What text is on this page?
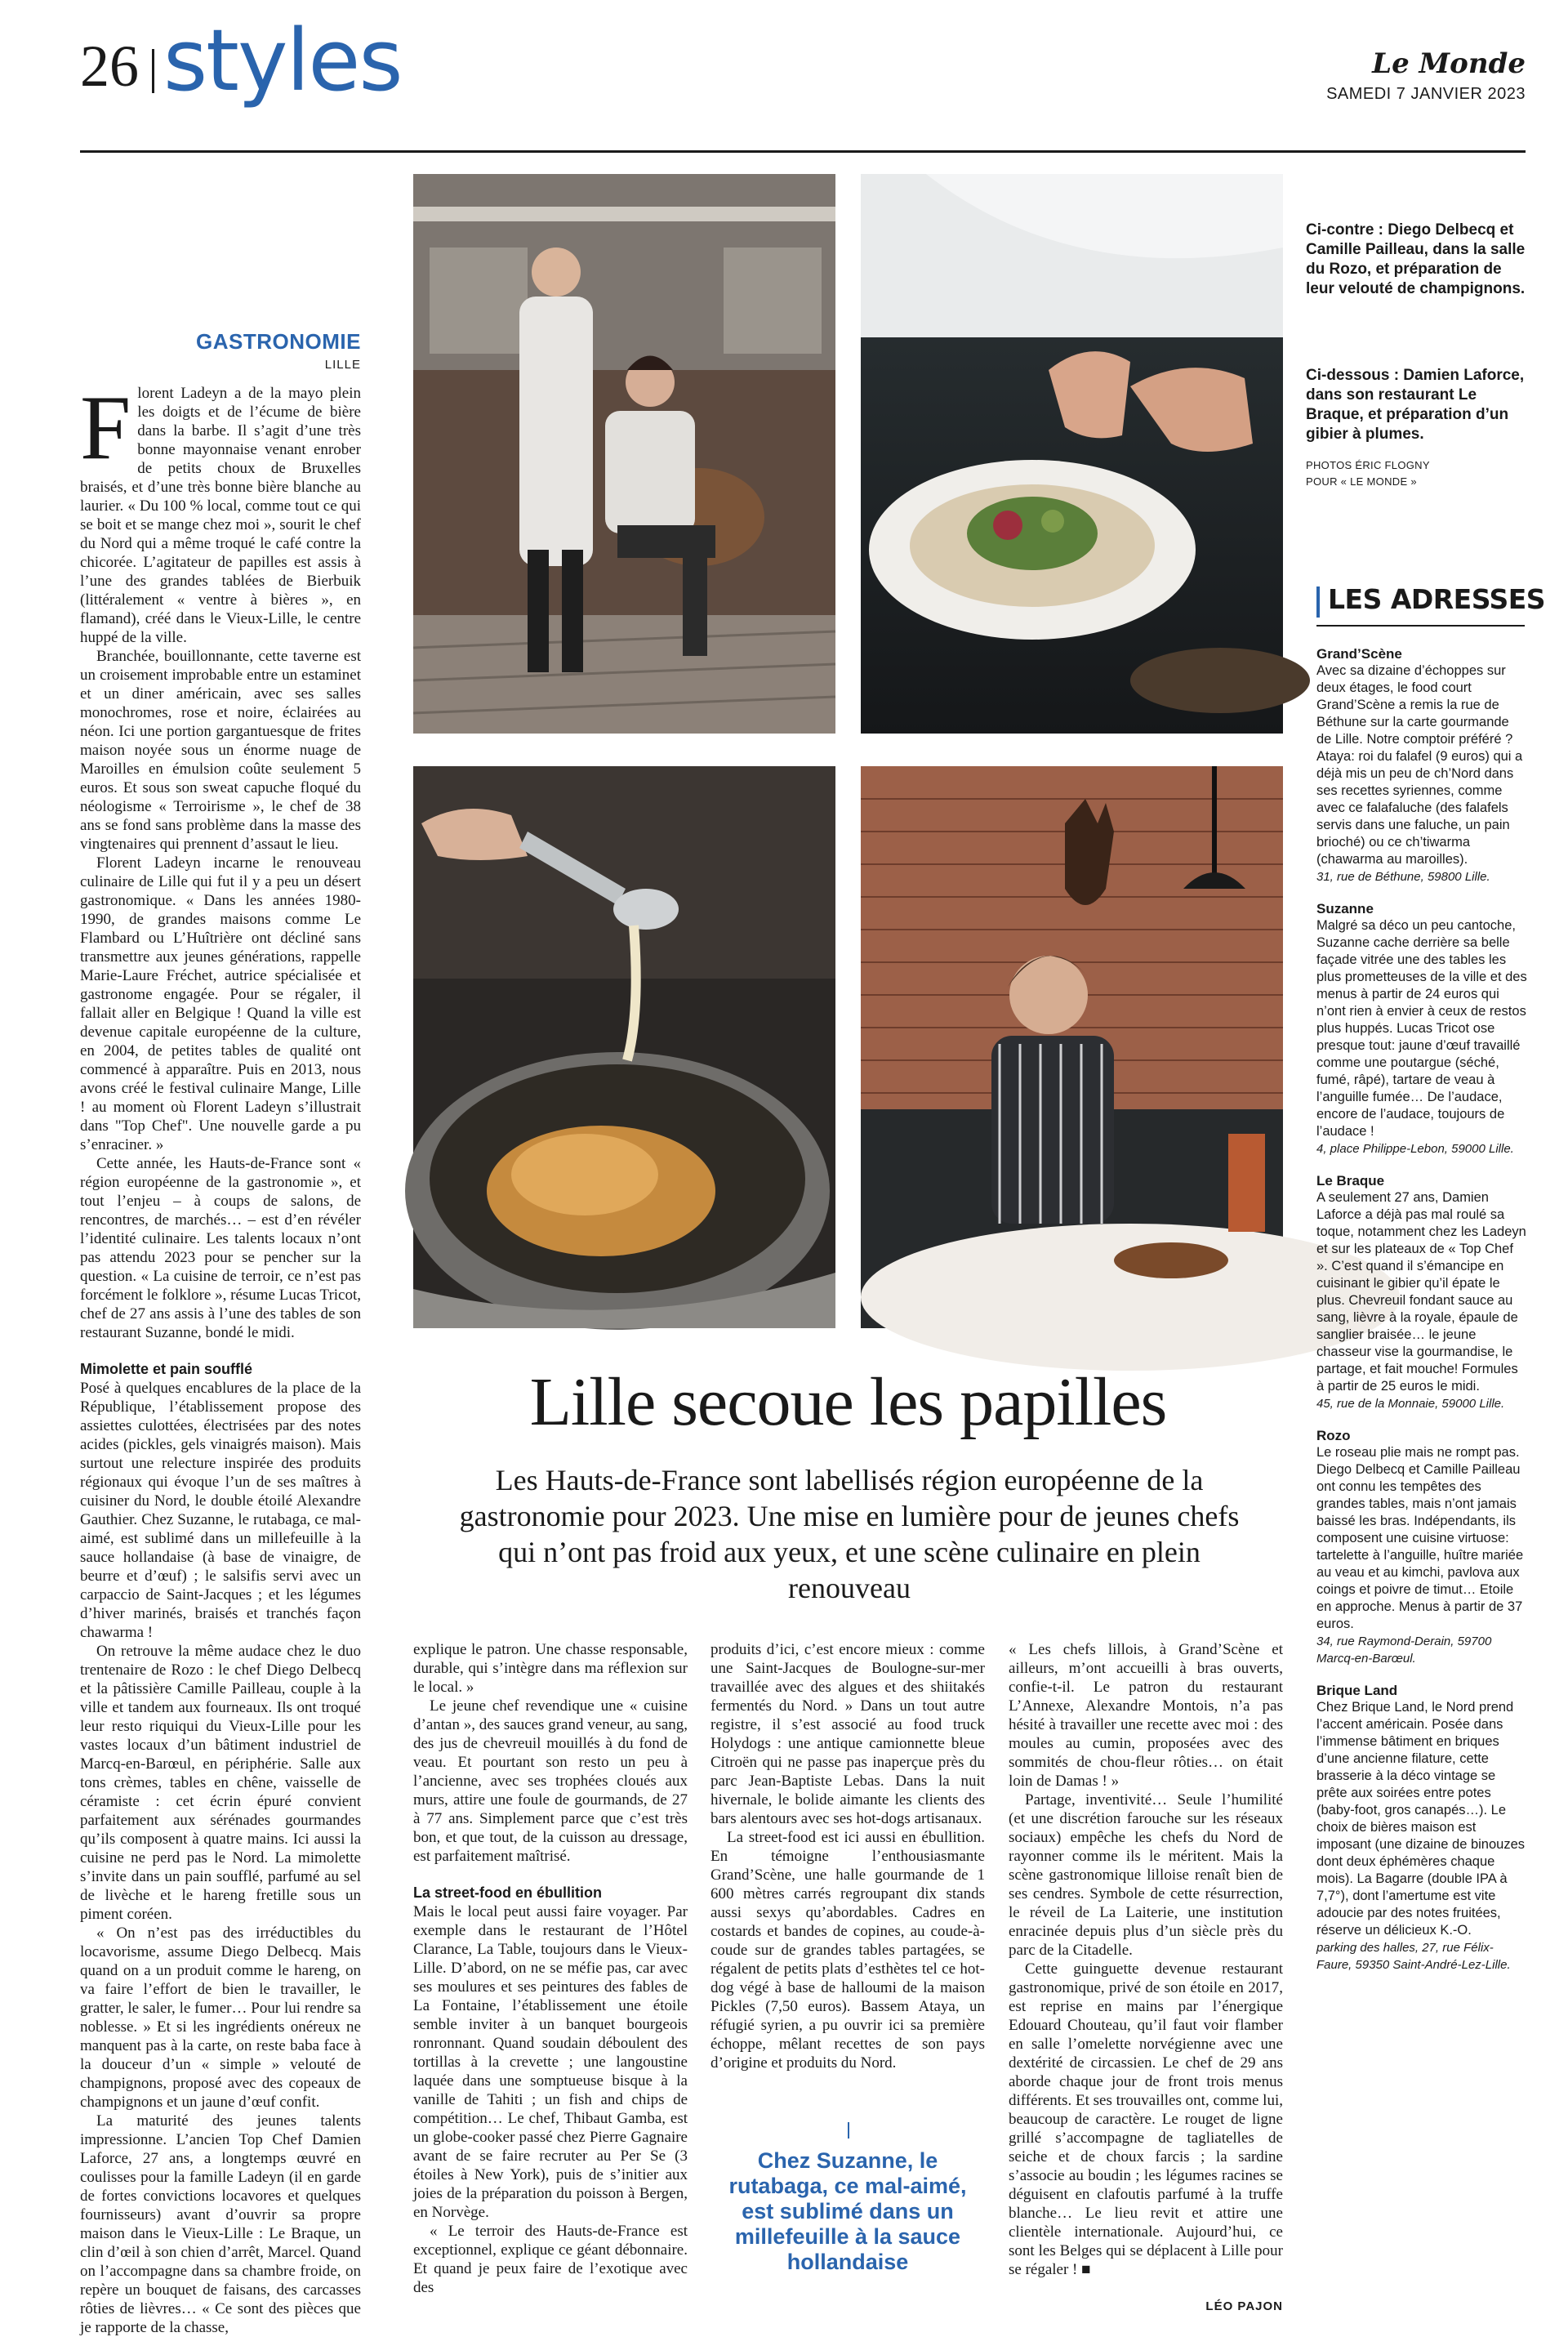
26 styles	Le Monde
SAMEDI 7 JANVIER 2023
GASTRONOMIE
LILLE

Florent Ladeyn a de la mayo plein les doigts et de l’écume de bière dans la barbe. Il s’agit d’une très bonne mayonnaise venant enrober de petits choux de Bruxelles braisés, et d’une très bonne bière blanche au laurier. « Du 100 % local, comme tout ce qui se boit et se mange chez moi », sourit le chef du Nord qui a même troqué le café contre la chicorée. L’agitateur de papilles est assis à l’une des grandes tablées de Bierbuik (littéralement « ventre à bières », en flamand), créé dans le Vieux-Lille, le centre huppé de la ville.

Branchée, bouillonnante, cette taverne est un croisement improbable entre un estaminet et un diner américain, avec ses salles monochromes, rose et noire, éclairées au néon. Ici une portion gargantuesque de frites maison noyée sous un énorme nuage de Maroilles en émulsion coûte seulement 5 euros. Et sous son sweat capuche floqué du néologisme « Terroirisme », le chef de 38 ans se fond sans problème dans la masse des vingtenaires qui prennent d’assaut le lieu.

Florent Ladeyn incarne le renouveau culinaire de Lille qui fut il y a peu un désert gastronomique. « Dans les années 1980-1990, de grandes maisons comme Le Flambard ou L’Huîtrière ont décliné sans transmettre aux jeunes générations, rappelle Marie-Laure Fréchet, autrice spécialisée et gastronome engagée. Pour se régaler, il fallait aller en Belgique ! Quand la ville est devenue capitale européenne de la culture, en 2004, de petites tables de qualité ont commencé à apparaître. Puis en 2013, nous avons créé le festival culinaire Mange, Lille ! au moment où Florent Ladeyn s’illustrait dans "Top Chef". Une nouvelle garde a pu s’enraciner. »

Cette année, les Hauts-de-France sont « région européenne de la gastronomie », et tout l’enjeu – à coups de salons, de rencontres, de marchés… – est d’en révéler l’identité culinaire. Les talents locaux n’ont pas attendu 2023 pour se pencher sur la question. « La cuisine de terroir, ce n’est pas forcément le folklore », résume Lucas Tricot, chef de 27 ans assis à l’une des tables de son restaurant Suzanne, bondé le midi.

Mimolette et pain soufflé

Posé à quelques encablures de la place de la République, l’établissement propose des assiettes culottées, électrisées par des notes acides (pickles, gels vinaigrés maison). Mais surtout une relecture inspirée des produits régionaux qui évoque l’un de ses maîtres à cuisiner du Nord, le double étoilé Alexandre Gauthier. Chez Suzanne, le rutabaga, ce mal-aimé, est sublimé dans un millefeuille à la sauce hollandaise (à base de vinaigre, de beurre et d’œuf) ; le salsifis servi avec un carpaccio de Saint-Jacques ; et les légumes d’hiver marinés, braisés et tranchés façon chawarma !

On retrouve la même audace chez le duo trentenaire de Rozo : le chef Diego Delbecq et la pâtissière Camille Pailleau, couple à la ville et tandem aux fourneaux. Ils ont troqué leur resto riquiqui du Vieux-Lille pour les vastes locaux d’un bâtiment industriel de Marcq-en-Barœul, en périphérie. Salle aux tons crèmes, tables en chêne, vaisselle de céramiste : cet écrin épuré convient parfaitement aux sérénades gourmandes qu’ils composent à quatre mains. Ici aussi la cuisine ne perd pas le Nord. La mimolette s’invite dans un pain soufflé, parfumé au sel de livèche et le hareng fretille sous un piment coréen.

« On n’est pas des irréductibles du locavorisme, assume Diego Delbecq. Mais quand on a un produit comme le hareng, on va faire l’effort de bien le travailler, le gratter, le saler, le fumer… Pour lui rendre sa noblesse. » Et si les ingrédients onéreux ne manquent pas à la carte, on reste baba face à la douceur d’un « simple » velouté de champignons, proposé avec des copeaux de champignons et un jaune d’œuf confit.

La maturité des jeunes talents impressionne. L’ancien Top Chef Damien Laforce, 27 ans, a longtemps œuvré en coulisses pour la famille Ladeyn (il en garde de fortes convictions locavores et quelques fournisseurs) avant d’ouvrir sa propre maison dans le Vieux-Lille : Le Braque, un clin d’œil à son chien d’arrêt, Marcel. Quand on l’accompagne dans sa chambre froide, on repère un bouquet de faisans, des carcasses rôties de lièvres… « Ce sont des pièces que je rapporte de la chasse,

Ci-contre : Diego Delbecq et Camille Pailleau, dans la salle du Rozo, et préparation de leur velouté de champignons.
Ci-dessous : Damien Laforce, dans son restaurant Le Braque, et préparation d’un gibier à plumes.
PHOTOS ÉRIC FLOGNY
POUR « LE MONDE »
LES ADRESSES
Grand’Scène
Avec sa dizaine d’échoppes sur deux étages, le food court Grand’Scène a remis la rue de Béthune sur la carte gourmande de Lille. Notre comptoir préféré ? Ataya: roi du falafel (9 euros) qui a déjà mis un peu de ch’Nord dans ses recettes syriennes, comme avec ce falafaluche (des falafels servis dans une faluche, un pain brioché) ou ce ch’tiwarma (chawarma au maroilles).
31, rue de Béthune, 59800 Lille.
Suzanne
Malgré sa déco un peu cantoche, Suzanne cache derrière sa belle façade vitrée une des tables les plus prometteuses de la ville et des menus à partir de 24 euros qui n’ont rien à envier à ceux de restos plus huppés. Lucas Tricot ose presque tout: jaune d’œuf travaillé comme une poutargue (séché, fumé, râpé), tartare de veau à l’anguille fumée… De l’audace, encore de l’audace, toujours de l’audace !
4, place Philippe-Lebon, 59000 Lille.
Le Braque
A seulement 27 ans, Damien Laforce a déjà pas mal roulé sa toque, notamment chez les Ladeyn et sur les plateaux de « Top Chef ». C’est quand il s’émancipe en cuisinant le gibier qu’il épate le plus. Chevreuil fondant sauce au sang, lièvre à la royale, épaule de sanglier braisée… le jeune chasseur vise la gourmandise, le partage, et fait mouche! Formules à partir de 25 euros le midi.
45, rue de la Monnaie, 59000 Lille.
Rozo
Le roseau plie mais ne rompt pas. Diego Delbecq et Camille Pailleau ont connu les tempêtes des grandes tables, mais n’ont jamais baissé les bras. Indépendants, ils composent une cuisine virtuose: tartelette à l’anguille, huître mariée au veau et au kimchi, pavlova aux coings et poivre de timut… Etoile en approche. Menus à partir de 37 euros.
34, rue Raymond-Derain, 59700 Marcq-en-Barœul.
Brique Land
Chez Brique Land, le Nord prend l’accent américain. Posée dans l’immense bâtiment en briques d’une ancienne filature, cette brasserie à la déco vintage se prête aux soirées entre potes (baby-foot, gros canapés…). Le choix de bières maison est imposant (une dizaine de binouzes dont deux éphémères chaque mois). La Bagarre (double IPA à 7,7°), dont l’amertume est vite adoucie par des notes fruitées, réserve un délicieux K.-O.
parking des halles, 27, rue Félix-Faure, 59350 Saint-André-Lez-Lille.
Lille secoue les papilles
Les Hauts-de-France sont labellisés région européenne de la gastronomie pour 2023. Une mise en lumière pour de jeunes chefs qui n’ont pas froid aux yeux, et une scène culinaire en plein renouveau

explique le patron. Une chasse responsable, durable, qui s’intègre dans ma réflexion sur le local. »

Le jeune chef revendique une « cuisine d’antan », des sauces grand veneur, au sang, des jus de chevreuil mouillés à du fond de veau. Et pourtant son resto un peu à l’ancienne, avec ses trophées cloués aux murs, attire une foule de gourmands, de 27 à 77 ans. Simplement parce que c’est très bon, et que tout, de la cuisson au dressage, est parfaitement maîtrisé.

La street-food en ébullition

Mais le local peut aussi faire voyager. Par exemple dans le restaurant de l’Hôtel Clarance, La Table, toujours dans le Vieux-Lille. D’abord, on ne se méfie pas, car avec ses moulures et ses peintures des fables de La Fontaine, l’établissement une étoile semble inviter à un banquet bourgeois ronronnant. Quand soudain déboulent des tortillas à la crevette ; une langoustine laquée dans une somptueuse bisque à la vanille de Tahiti ; un fish and chips de compétition… Le chef, Thibaut Gamba, est un globe-cooker passé chez Pierre Gagnaire avant de se faire recruter au Per Se (3 étoiles à New York), puis de s’initier aux joies de la préparation du poisson à Bergen, en Norvège.

« Le terroir des Hauts-de-France est exceptionnel, explique ce géant débonnaire. Et quand je peux faire de l’exotique avec des

produits d’ici, c’est encore mieux : comme une Saint-Jacques de Boulogne-sur-mer travaillée avec des algues et des shiitakés fermentés du Nord. » Dans un tout autre registre, il s’est associé au food truck Holydogs : une antique camionnette bleue Citroën qui ne passe pas inaperçue près du parc Jean-Baptiste Lebas. Dans la nuit hivernale, le bolide aimante les clients des bars alentours avec ses hot-dogs artisanaux.

La street-food est ici aussi en ébullition. En témoigne l’enthousiasmante Grand’Scène, une halle gourmande de 1 600 mètres carrés regroupant dix stands aussi sexys qu’abordables. Cadres en costards et bandes de copines, au coude-à-coude sur de grandes tables partagées, se régalent de petits plats d’esthètes tel ce hot-dog végé à base de halloumi de la maison Pickles (7,50 euros). Bassem Ataya, un réfugié syrien, a pu ouvrir ici sa première échoppe, mêlant recettes de son pays d’origine et produits du Nord.

Chez Suzanne, le rutabaga, ce mal-aimé, est sublimé dans un millefeuille à la sauce hollandaise

« Les chefs lillois, à Grand’Scène et ailleurs, m’ont accueilli à bras ouverts, confie-t-il. Le patron du restaurant L’Annexe, Alexandre Montois, n’a pas hésité à travailler une recette avec moi : des moules au cumin, proposées avec des sommités de chou-fleur rôties… on était loin de Damas ! »

Partage, inventivité… Seule l’humilité (et une discrétion farouche sur les réseaux sociaux) empêche les chefs du Nord de rayonner comme ils le méritent. Mais la scène gastronomique lilloise renaît bien de ses cendres. Symbole de cette résurrection, le réveil de La Laiterie, une institution enracinée depuis plus d’un siècle près du parc de la Citadelle.

Cette guinguette devenue restaurant gastronomique, privé de son étoile en 2017, est reprise en mains par l’énergique Edouard Chouteau, qu’il faut voir flamber en salle l’omelette norvégienne avec une dextérité de circassien. Le chef de 29 ans aborde chaque jour de front trois menus différents. Et ses trouvailles ont, comme lui, beaucoup de caractère. Le rouget de ligne grillé s’accompagne de tagliatelles de seiche et de choux farcis ; la sardine s’associe au boudin ; les légumes racines se déguisent en clafoutis parfumé à la truffe blanche… Le lieu revit et attire une clientèle internationale. Aujourd’hui, ce sont les Belges qui se déplacent à Lille pour se régaler ! ■

LÉO PAJON
